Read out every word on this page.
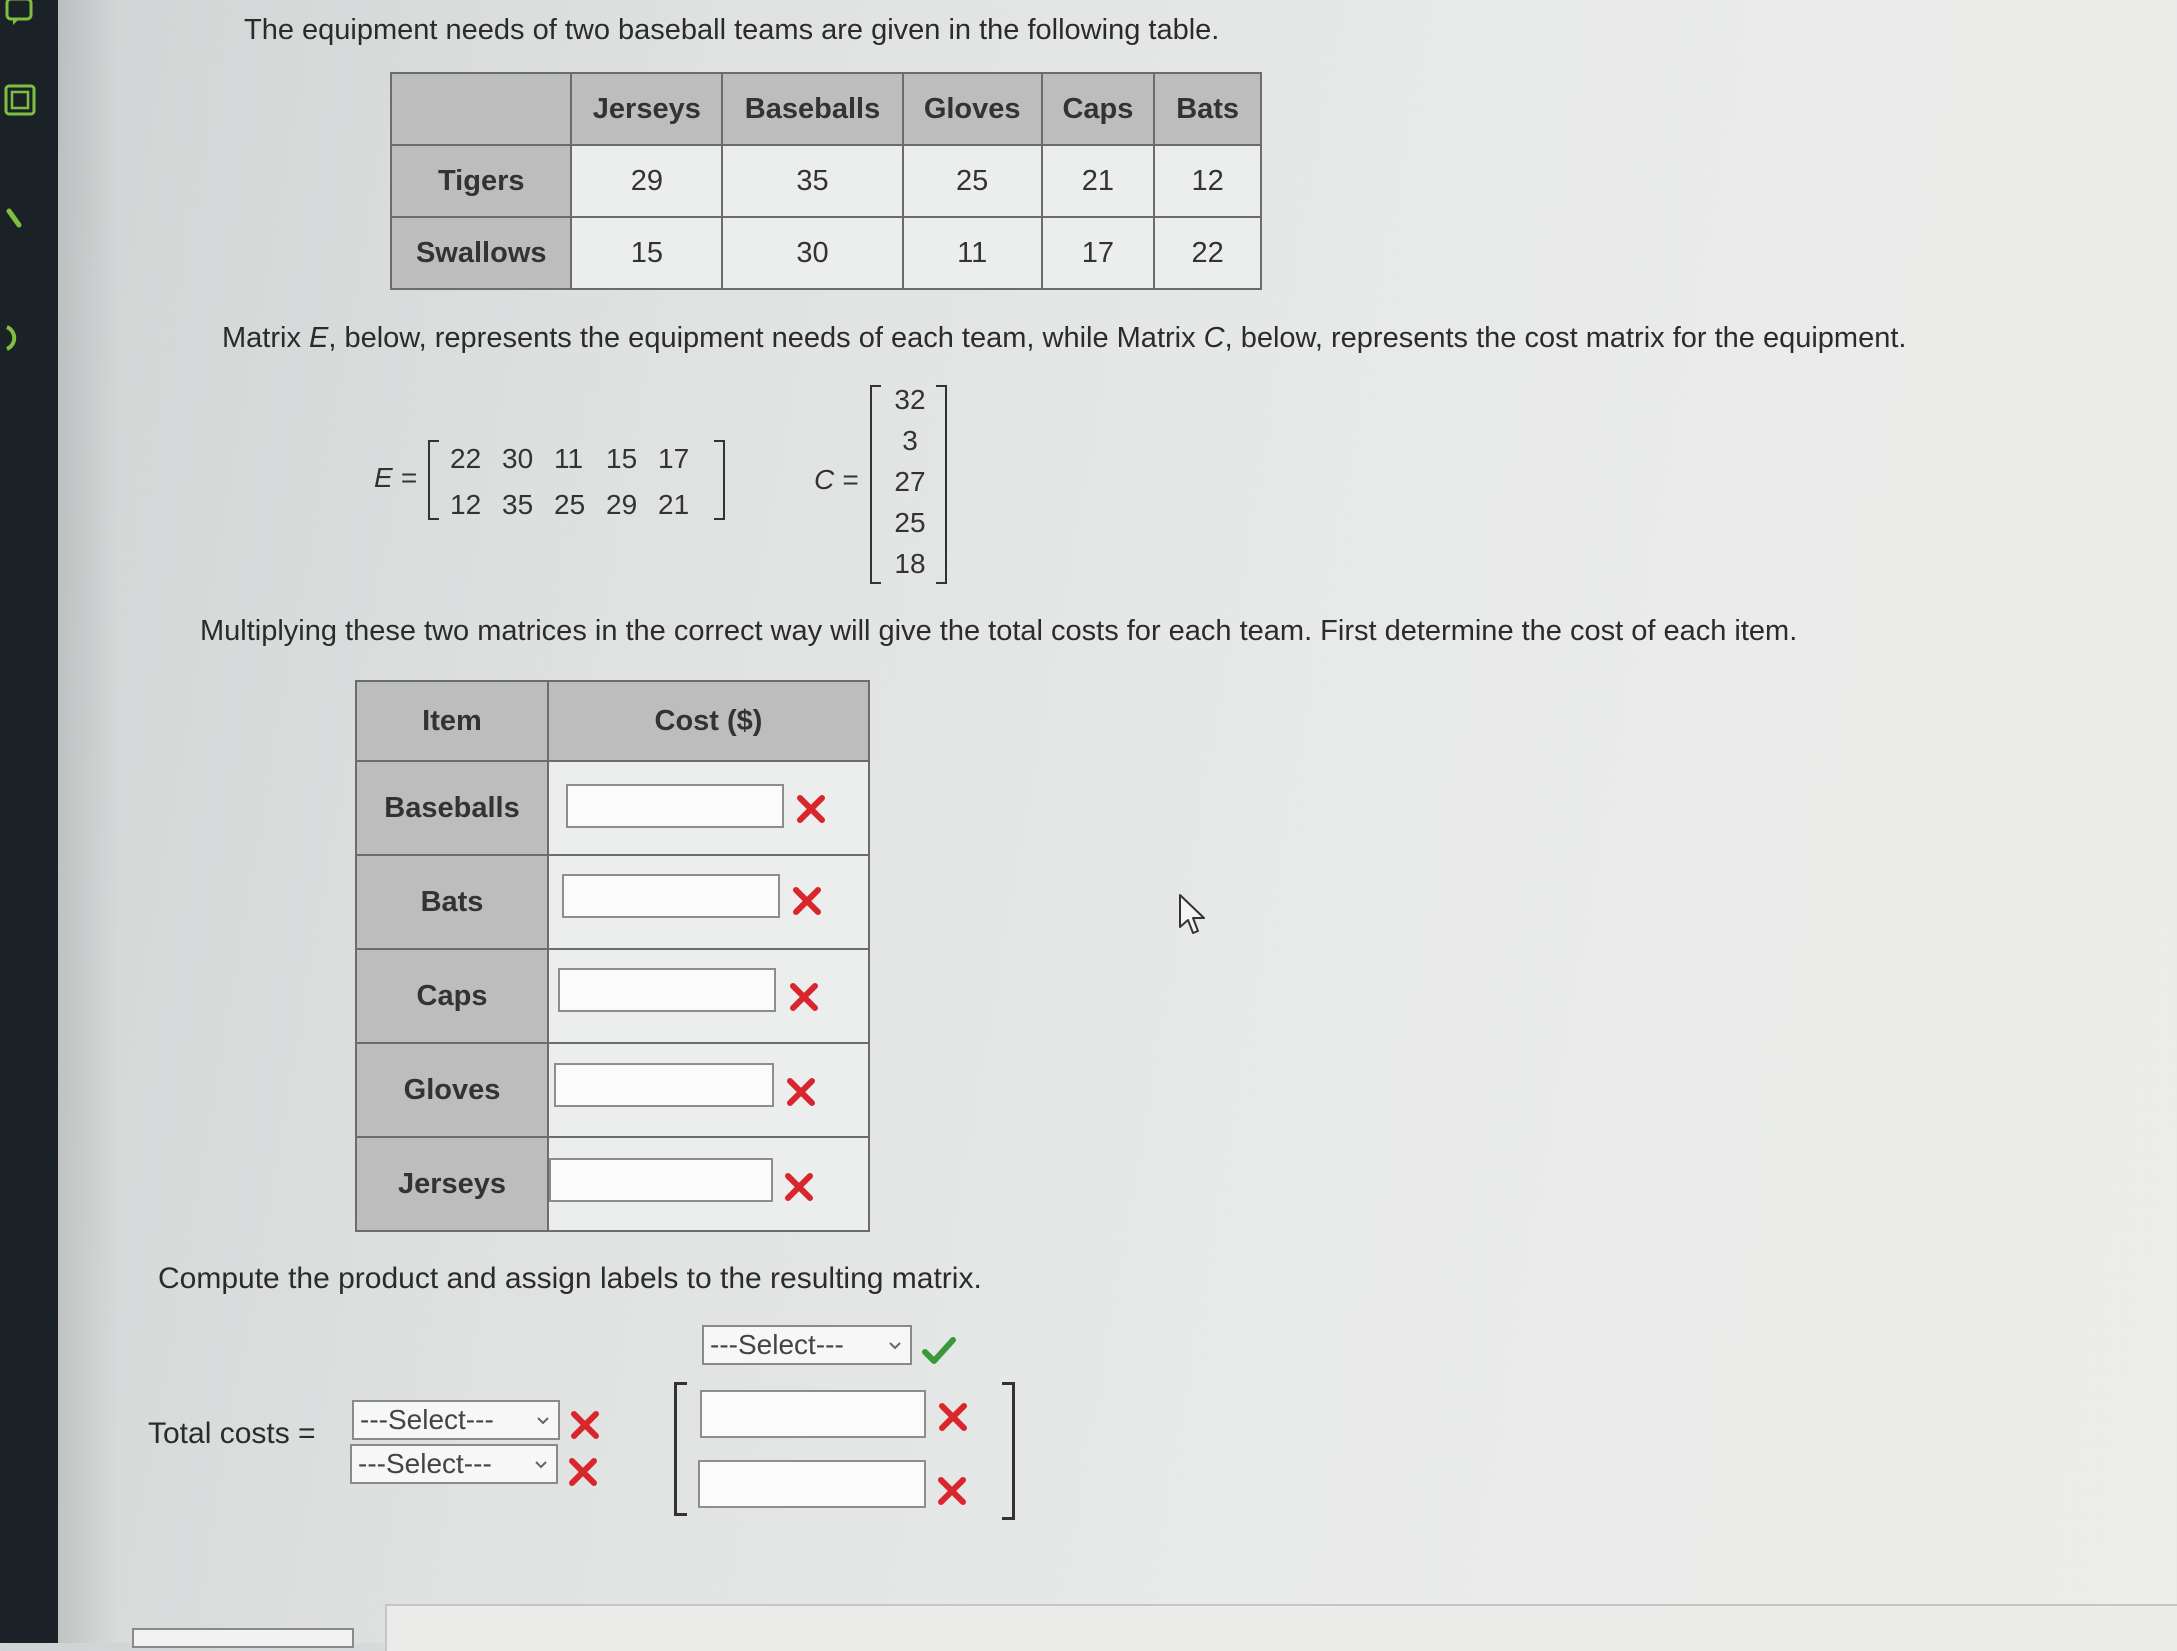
The equipment needs of two baseball teams are given in the following table.
	Jerseys	Baseballs	Gloves	Caps	Bats
Tigers	29	35	25	21	12
Swallows	15	30	11	17	22
Matrix E, below, represents the equipment needs of each team, while Matrix C, below, represents the cost matrix for the equipment.
E =
22 30 11 15 17
12 35 25 29 21
C =
32
3
27
25
18
Multiplying these two matrices in the correct way will give the total costs for each team. First determine the cost of each item.
Item	Cost ($)
Baseballs	
Bats	
Caps	
Gloves	
Jerseys	
Compute the product and assign labels to the resulting matrix.
---Select---
Total costs = ---Select---
---Select---
